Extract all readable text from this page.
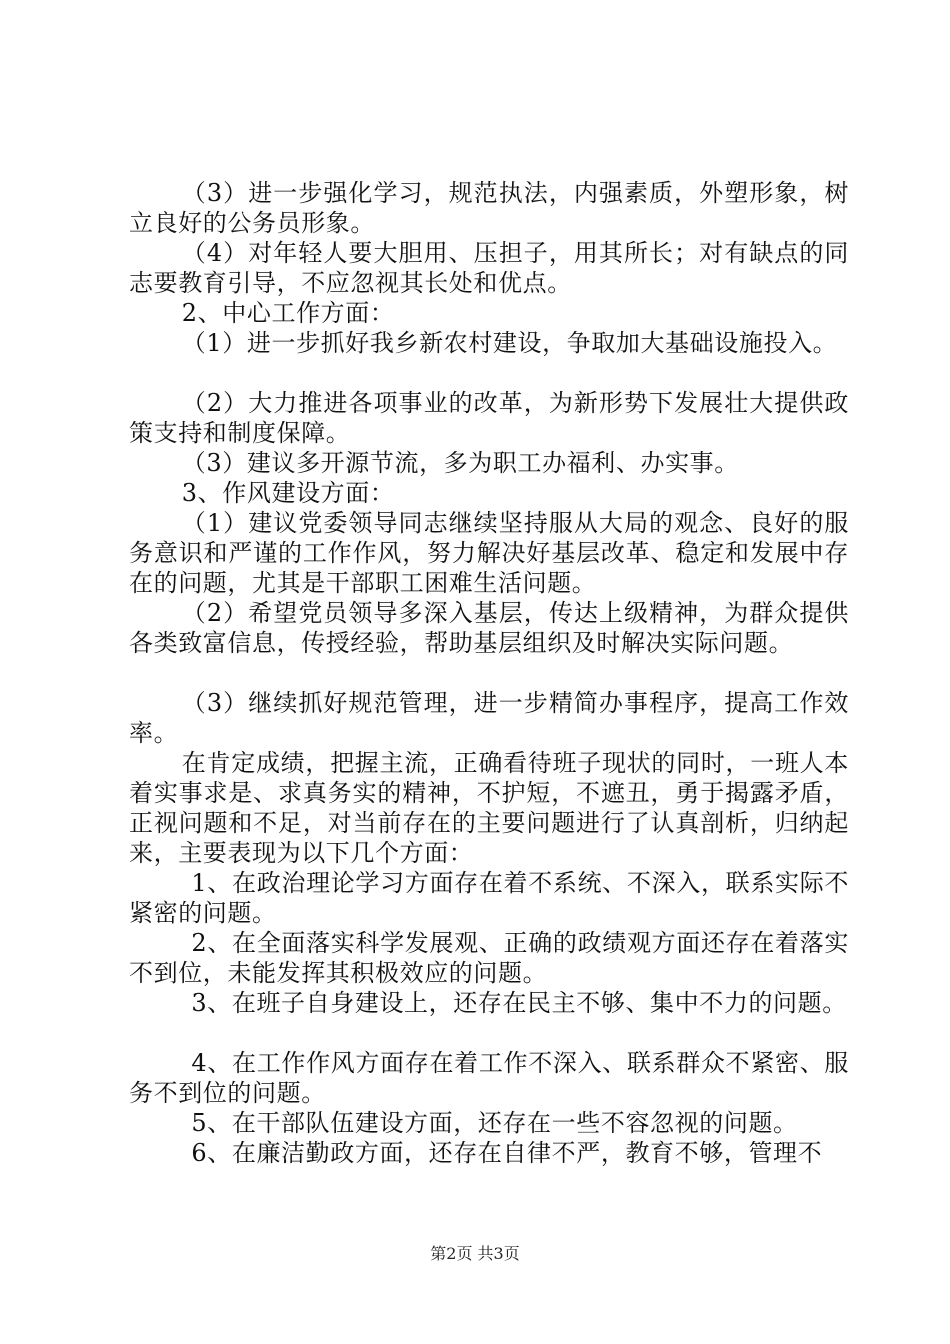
（3）进一步强化学习，规范执法，内强素质，外塑形象，树立良好的公务员形象。

（4）对年轻人要大胆用、压担子，用其所长；对有缺点的同志要教育引导，不应忽视其长处和优点。

2、中心工作方面：

（1）进一步抓好我乡新农村建设，争取加大基础设施投入。

（2）大力推进各项事业的改革，为新形势下发展壮大提供政策支持和制度保障。

（3）建议多开源节流，多为职工办福利、办实事。

3、作风建设方面：

（1）建议党委领导同志继续坚持服从大局的观念、良好的服务意识和严谨的工作作风，努力解决好基层改革、稳定和发展中存在的问题，尤其是干部职工困难生活问题。

（2）希望党员领导多深入基层，传达上级精神，为群众提供各类致富信息，传授经验，帮助基层组织及时解决实际问题。

（3）继续抓好规范管理，进一步精简办事程序，提高工作效率。

在肯定成绩，把握主流，正确看待班子现状的同时，一班人本着实事求是、求真务实的精神，不护短，不遮丑，勇于揭露矛盾，正视问题和不足，对当前存在的主要问题进行了认真剖析，归纳起来，主要表现为以下几个方面：

1、在政治理论学习方面存在着不系统、不深入，联系实际不紧密的问题。

2、在全面落实科学发展观、正确的政绩观方面还存在着落实不到位，未能发挥其积极效应的问题。

3、在班子自身建设上，还存在民主不够、集中不力的问题。

4、在工作作风方面存在着工作不深入、联系群众不紧密、服务不到位的问题。

5、在干部队伍建设方面，还存在一些不容忽视的问题。

6、在廉洁勤政方面，还存在自律不严，教育不够，管理不

第2页 共3页
